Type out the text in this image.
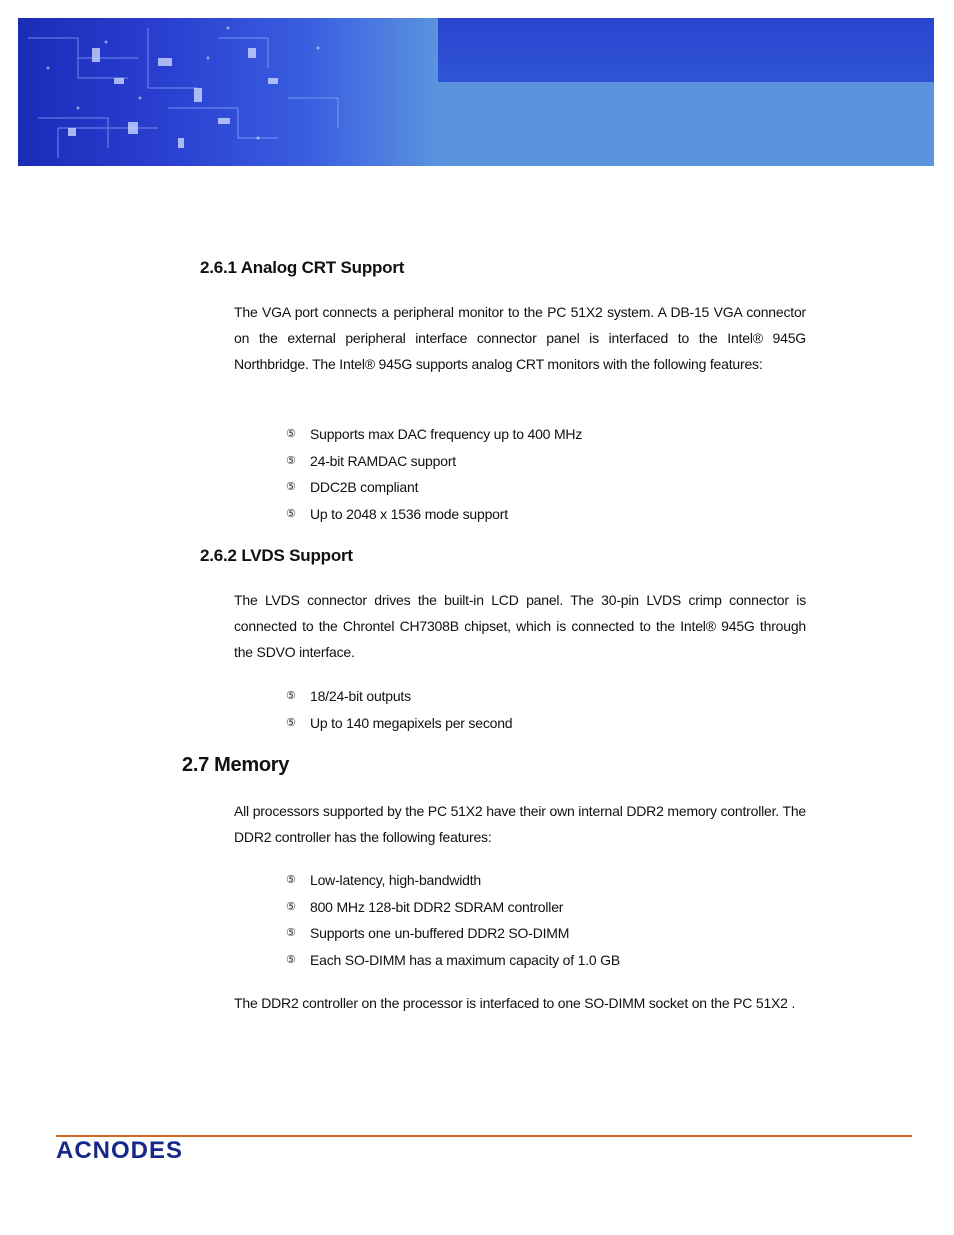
2.6.1 Analog CRT Support
The VGA port connects a peripheral monitor to the PC 51X2 system. A DB-15 VGA connector on the external peripheral interface connector panel is interfaced to the Intel® 945G Northbridge. The Intel® 945G supports analog CRT monitors with the following features:
⑤	Supports max DAC frequency up to 400 MHz
⑤	24-bit RAMDAC support
⑤	DDC2B compliant
⑤	Up to 2048 x 1536 mode support
2.6.2 LVDS Support
The LVDS connector drives the built-in LCD panel. The 30-pin LVDS crimp connector is connected to the Chrontel CH7308B chipset, which is connected to the Intel® 945G through the SDVO interface.
⑤	18/24-bit outputs
⑤	Up to 140 megapixels per second
2.7 Memory
All processors supported by the PC 51X2 have their own internal DDR2 memory controller. The DDR2 controller has the following features:
⑤	Low-latency, high-bandwidth
⑤	800 MHz 128-bit DDR2 SDRAM controller
⑤	Supports one un-buffered DDR2 SO-DIMM
⑤	Each SO-DIMM has a maximum capacity of 1.0 GB
The DDR2 controller on the processor is interfaced to one SO-DIMM socket on the PC 51X2 .
ACNODES
